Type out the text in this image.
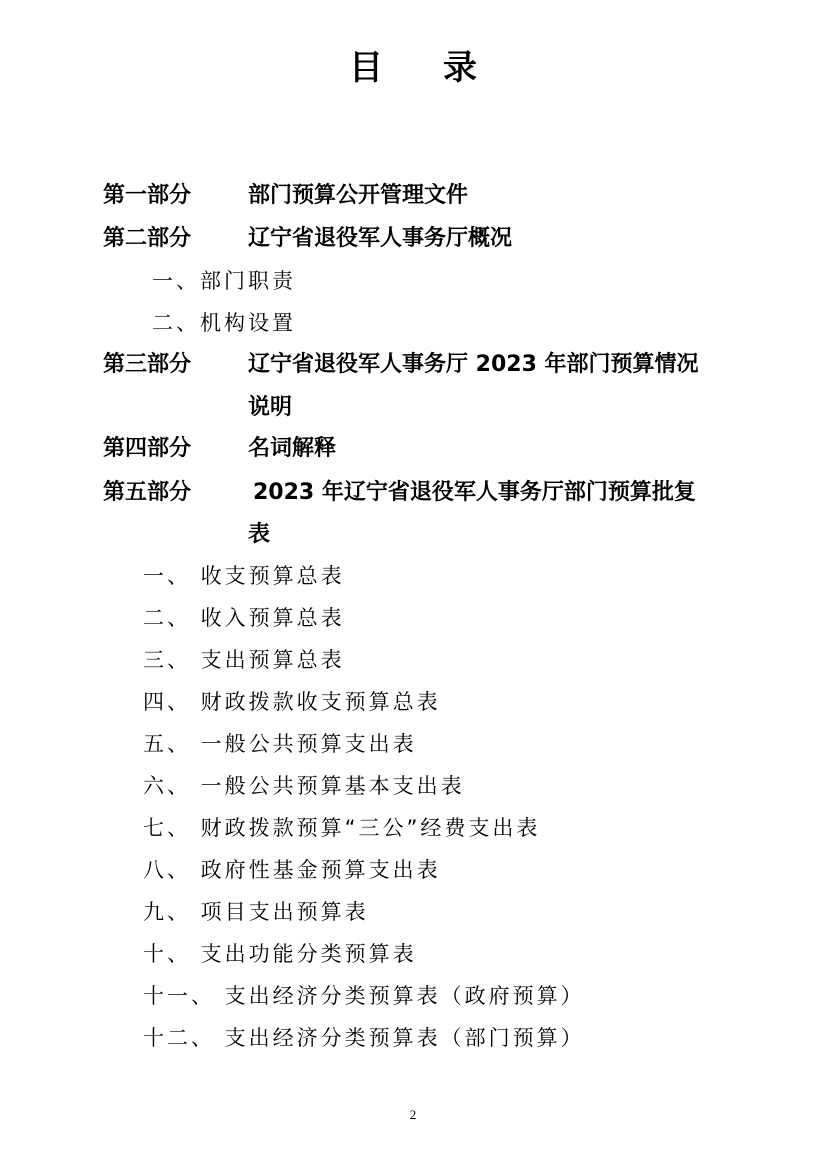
目 录
第一部分	部门预算公开管理文件
第二部分	辽宁省退役军人事务厅概况
一、部门职责
二、机构设置
第三部分	辽宁省退役军人事务厅 2023 年部门预算情况
说明
第四部分	名词解释
第五部分	2023 年辽宁省退役军人事务厅部门预算批复
表
一、 收支预算总表
二、 收入预算总表
三、 支出预算总表
四、 财政拨款收支预算总表
五、 一般公共预算支出表
六、 一般公共预算基本支出表
七、 财政拨款预算“三公”经费支出表
八、 政府性基金预算支出表
九、 项目支出预算表
十、 支出功能分类预算表
十一、 支出经济分类预算表（政府预算）
十二、 支出经济分类预算表（部门预算）
2
